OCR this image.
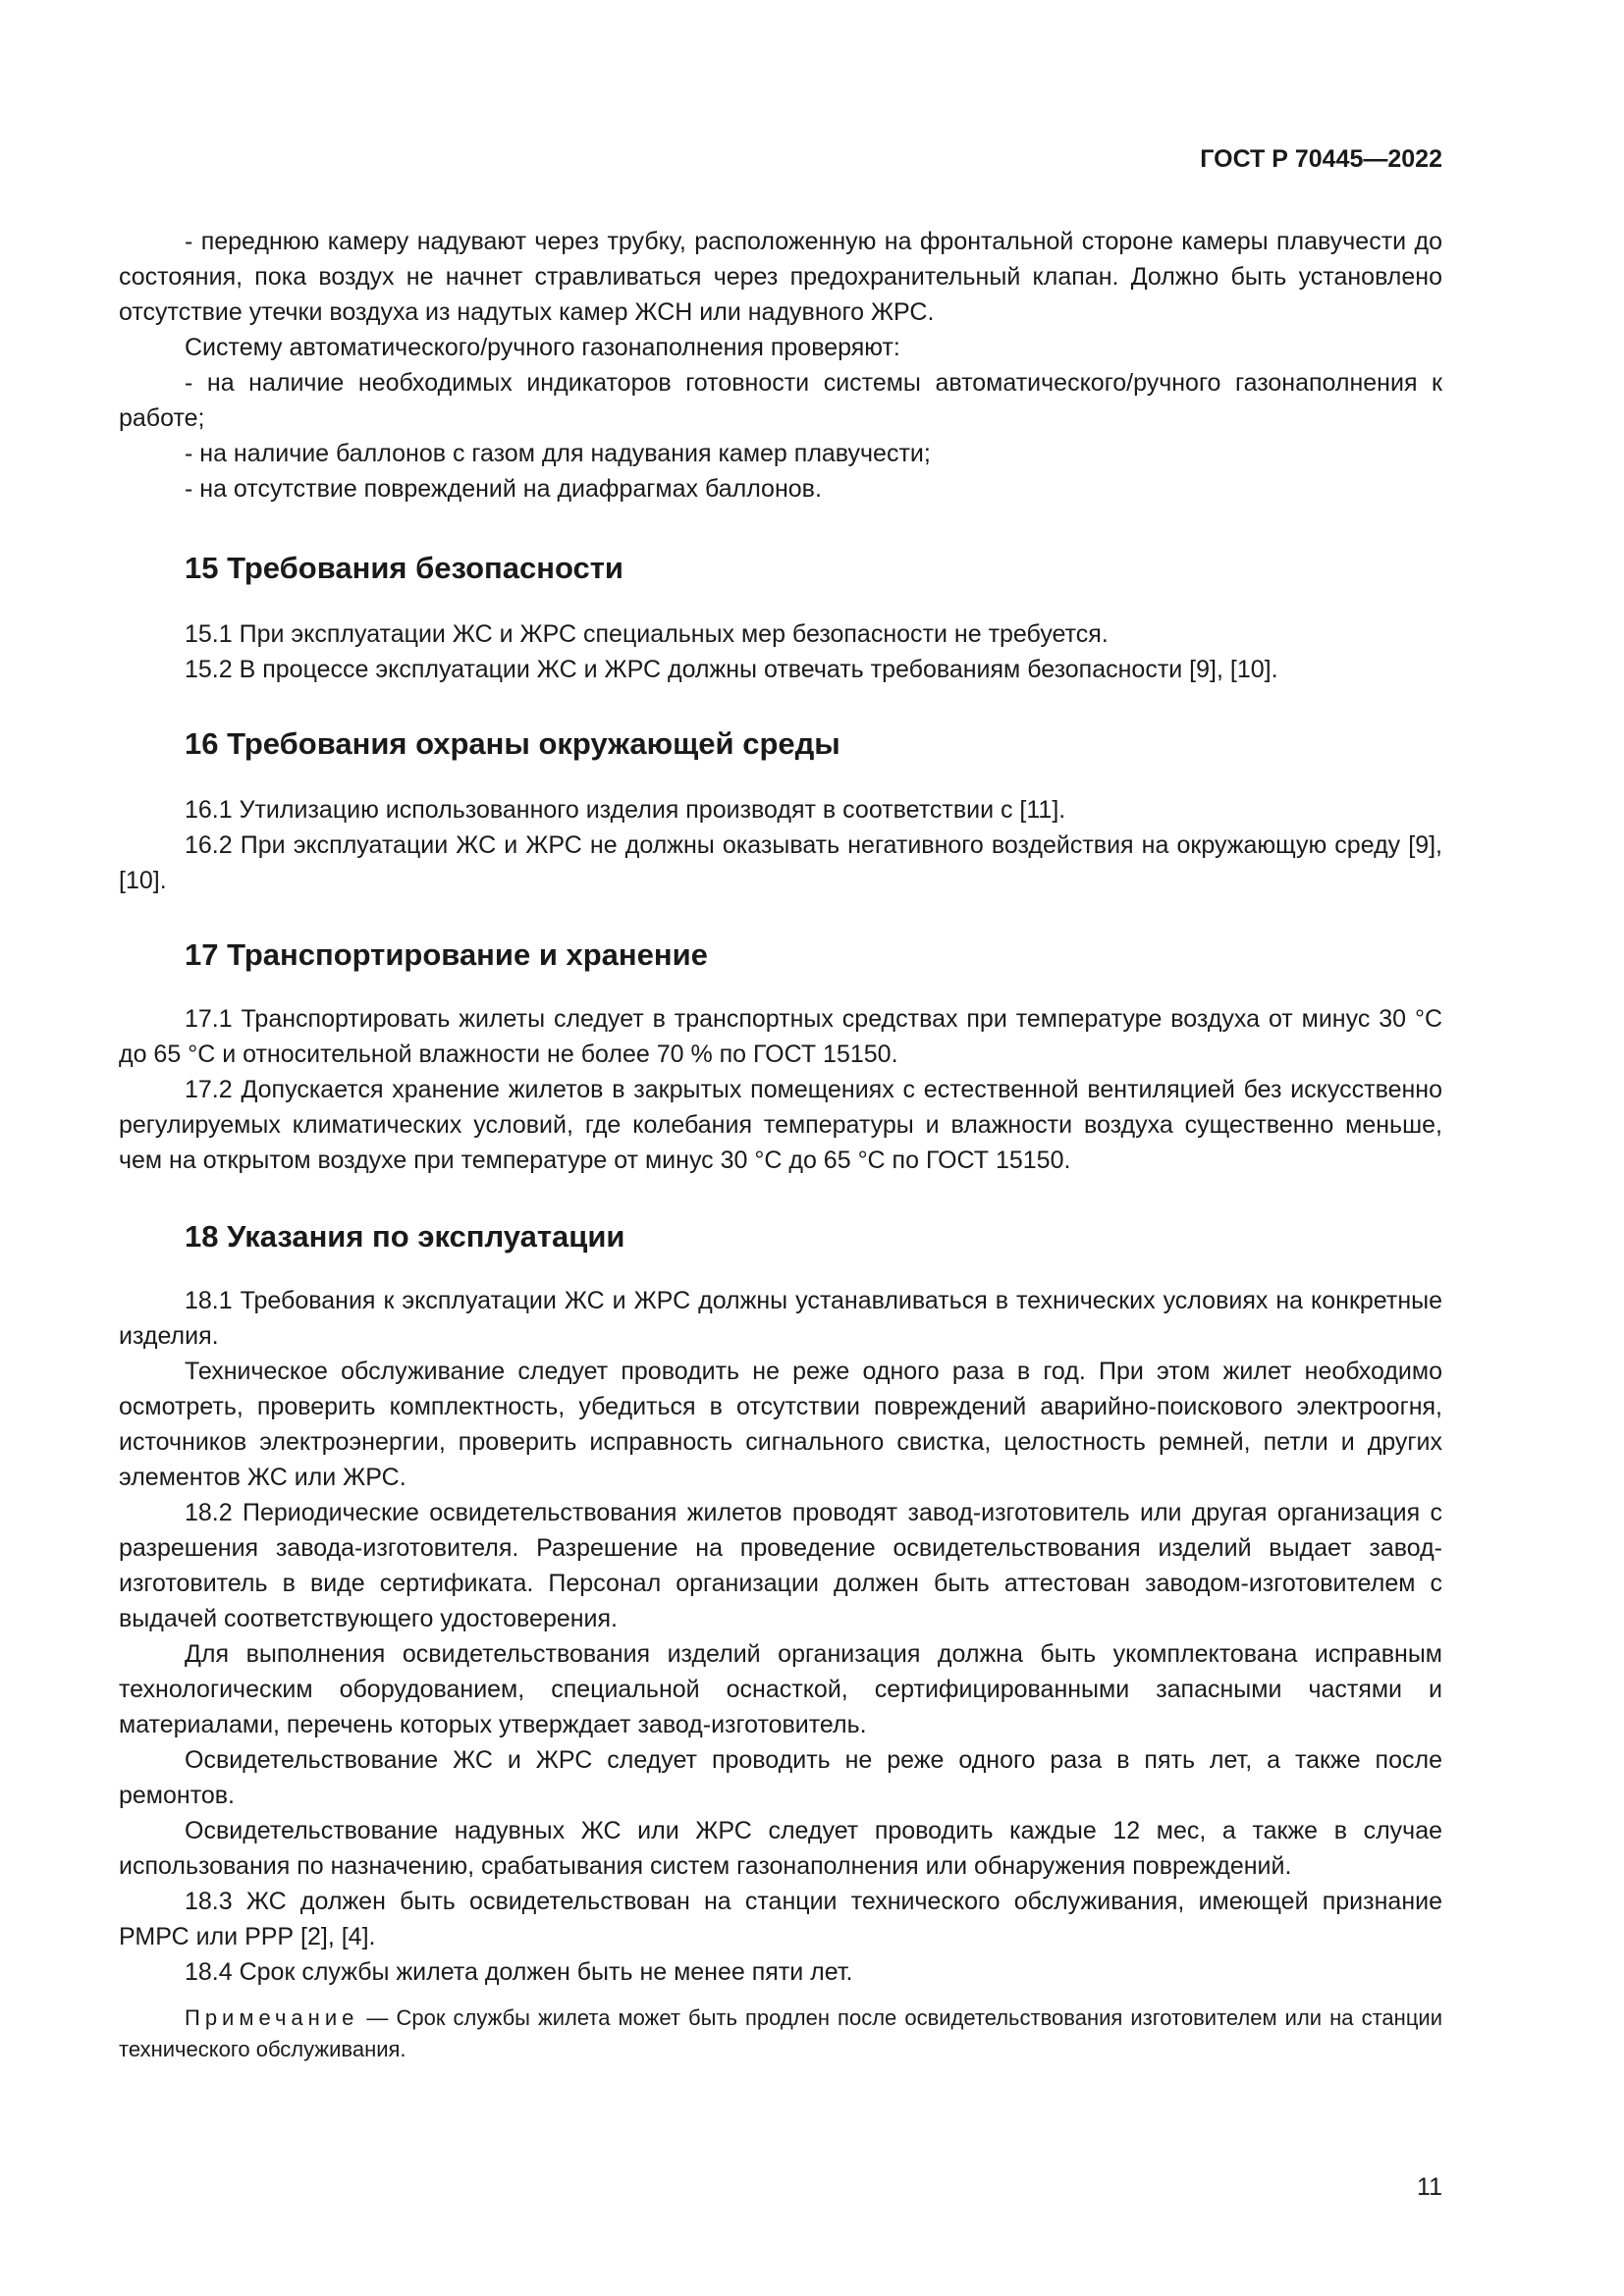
ГОСТ Р 70445—2022

- переднюю камеру надувают через трубку, расположенную на фронтальной стороне камеры плавучести до состояния, пока воздух не начнет стравливаться через предохранительный клапан. Должно быть установлено отсутствие утечки воздуха из надутых камер ЖСН или надувного ЖРС.

Систему автоматического/ручного газонаполнения проверяют:

- на наличие необходимых индикаторов готовности системы автоматического/ручного газонаполнения к работе;

- на наличие баллонов с газом для надувания камер плавучести;

- на отсутствие повреждений на диафрагмах баллонов.

15 Требования безопасности

15.1 При эксплуатации ЖС и ЖРС специальных мер безопасности не требуется.

15.2 В процессе эксплуатации ЖС и ЖРС должны отвечать требованиям безопасности [9], [10].

16 Требования охраны окружающей среды

16.1 Утилизацию использованного изделия производят в соответствии с [11].

16.2 При эксплуатации ЖС и ЖРС не должны оказывать негативного воздействия на окружающую среду [9], [10].

17 Транспортирование и хранение

17.1 Транспортировать жилеты следует в транспортных средствах при температуре воздуха от минус 30 °С до 65 °С и относительной влажности не более 70 % по ГОСТ 15150.

17.2 Допускается хранение жилетов в закрытых помещениях с естественной вентиляцией без искусственно регулируемых климатических условий, где колебания температуры и влажности воздуха существенно меньше, чем на открытом воздухе при температуре от минус 30 °С до 65 °С по ГОСТ 15150.

18 Указания по эксплуатации

18.1 Требования к эксплуатации ЖС и ЖРС должны устанавливаться в технических условиях на конкретные изделия.

Техническое обслуживание следует проводить не реже одного раза в год. При этом жилет необходимо осмотреть, проверить комплектность, убедиться в отсутствии повреждений аварийно-поискового электроогня, источников электроэнергии, проверить исправность сигнального свистка, целостность ремней, петли и других элементов ЖС или ЖРС.

18.2 Периодические освидетельствования жилетов проводят завод-изготовитель или другая организация с разрешения завода-изготовителя. Разрешение на проведение освидетельствования изделий выдает завод-изготовитель в виде сертификата. Персонал организации должен быть аттестован заводом-изготовителем с выдачей соответствующего удостоверения.

Для выполнения освидетельствования изделий организация должна быть укомплектована исправным технологическим оборудованием, специальной оснасткой, сертифицированными запасными частями и материалами, перечень которых утверждает завод-изготовитель.

Освидетельствование ЖС и ЖРС следует проводить не реже одного раза в пять лет, а также после ремонтов.

Освидетельствование надувных ЖС или ЖРС следует проводить каждые 12 мес, а также в случае использования по назначению, срабатывания систем газонаполнения или обнаружения повреждений.

18.3 ЖС должен быть освидетельствован на станции технического обслуживания, имеющей признание РМРС или РРР [2], [4].

18.4 Срок службы жилета должен быть не менее пяти лет.

Примечание — Срок службы жилета может быть продлен после освидетельствования изготовителем или на станции технического обслуживания.
11
